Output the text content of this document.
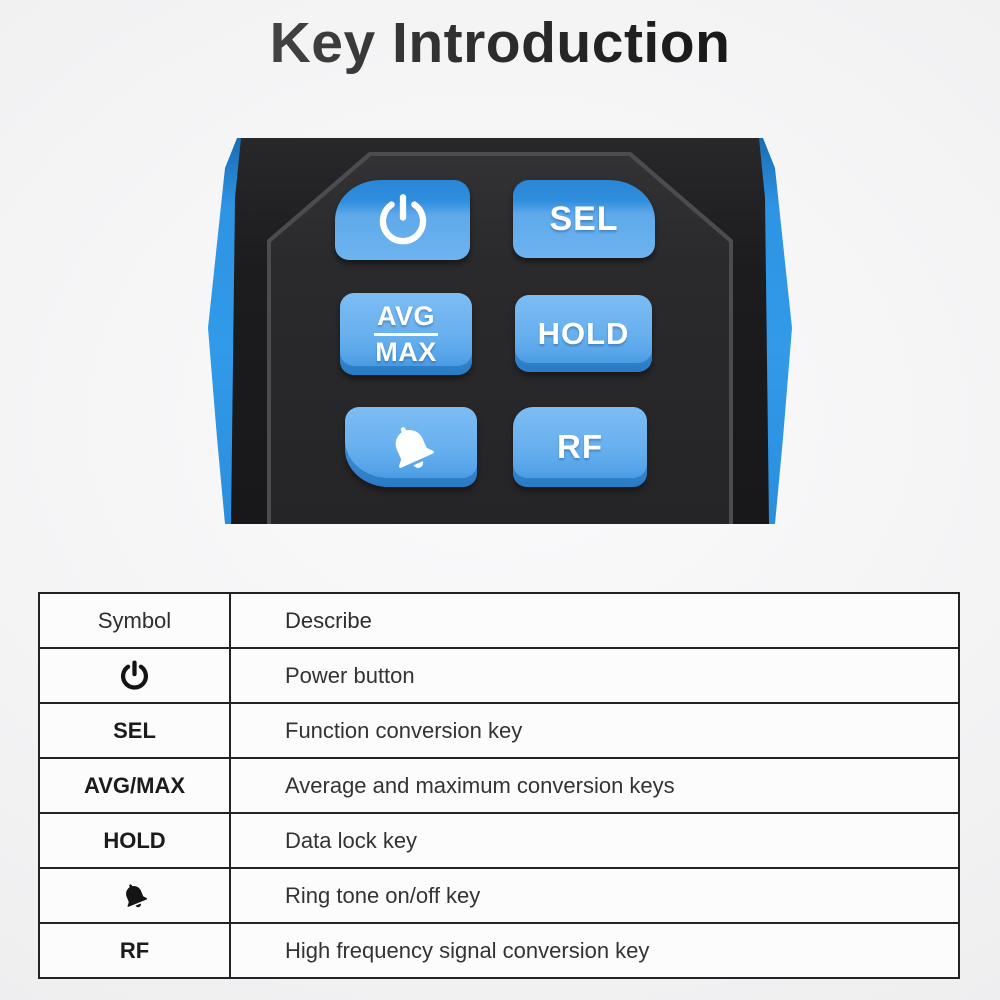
Key Introduction
SEL
$\frac{\text{AVG}}{\text{MAX}}$	HOLD
RF
Symbol	Describe
	Power button
SEL	Function conversion key
AVG/MAX	Average and maximum conversion keys
HOLD	Data lock key
	Ring tone on/off key
RF	High frequency signal conversion key
